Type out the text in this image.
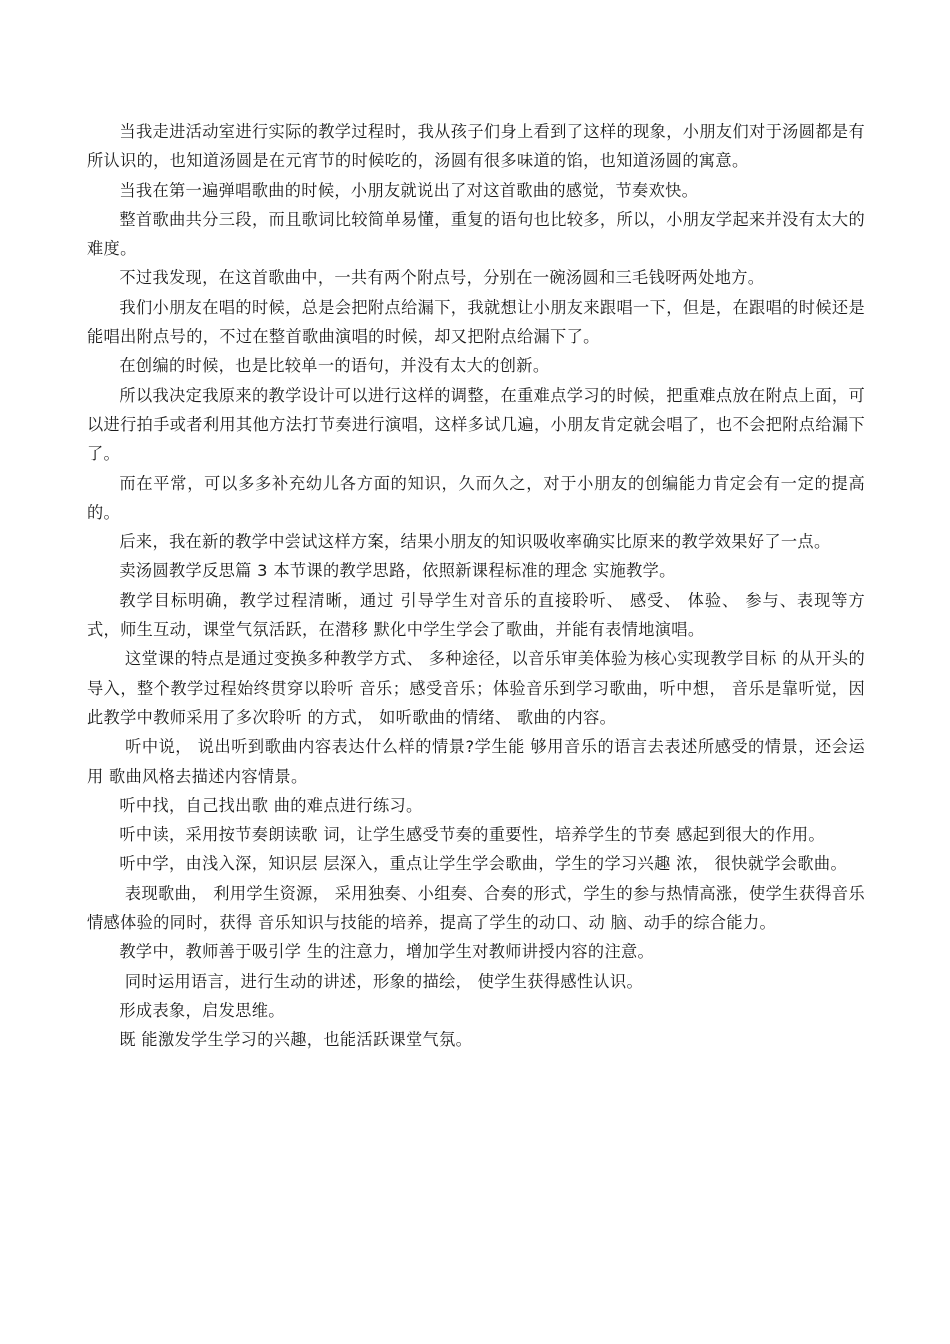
当我走进活动室进行实际的教学过程时，我从孩子们身上看到了这样的现象，小朋友们对于汤圆都是有所认识的，也知道汤圆是在元宵节的时候吃的，汤圆有很多味道的馅，也知道汤圆的寓意。

当我在第一遍弹唱歌曲的时候，小朋友就说出了对这首歌曲的感觉，节奏欢快。

整首歌曲共分三段，而且歌词比较简单易懂，重复的语句也比较多，所以，小朋友学起来并没有太大的难度。

不过我发现，在这首歌曲中，一共有两个附点号，分别在一碗汤圆和三毛钱呀两处地方。

我们小朋友在唱的时候，总是会把附点给漏下，我就想让小朋友来跟唱一下，但是，在跟唱的时候还是能唱出附点号的，不过在整首歌曲演唱的时候，却又把附点给漏下了。

在创编的时候，也是比较单一的语句，并没有太大的创新。

所以我决定我原来的教学设计可以进行这样的调整，在重难点学习的时候，把重难点放在附点上面，可以进行拍手或者利用其他方法打节奏进行演唱，这样多试几遍，小朋友肯定就会唱了，也不会把附点给漏下了。

而在平常，可以多多补充幼儿各方面的知识，久而久之，对于小朋友的创编能力肯定会有一定的提高的。

后来，我在新的教学中尝试这样方案，结果小朋友的知识吸收率确实比原来的教学效果好了一点。

卖汤圆教学反思篇 3 本节课的教学思路，依照新课程标准的理念 实施教学。

教学目标明确，教学过程清晰，通过 引导学生对音乐的直接聆听、 感受、 体验、 参与、表现等方式，师生互动，课堂气氛活跃，在潜移 默化中学生学会了歌曲，并能有表情地演唱。

这堂课的特点是通过变换多种教学方式、 多种途径，以音乐审美体验为核心实现教学目标 的从开头的导入，整个教学过程始终贯穿以聆听 音乐；感受音乐；体验音乐到学习歌曲，听中想， 音乐是靠听觉，因此教学中教师采用了多次聆听 的方式， 如听歌曲的情绪、 歌曲的内容。

听中说， 说出听到歌曲内容表达什么样的情景?学生能 够用音乐的语言去表述所感受的情景，还会运用 歌曲风格去描述内容情景。

听中找，自己找出歌 曲的难点进行练习。

听中读，采用按节奏朗读歌 词，让学生感受节奏的重要性，培养学生的节奏 感起到很大的作用。

听中学，由浅入深，知识层 层深入，重点让学生学会歌曲，学生的学习兴趣 浓， 很快就学会歌曲。

表现歌曲， 利用学生资源， 采用独奏、小组奏、合奏的形式，学生的参与热情高涨，使学生获得音乐情感体验的同时，获得 音乐知识与技能的培养，提高了学生的动口、动 脑、动手的综合能力。

教学中，教师善于吸引学 生的注意力，增加学生对教师讲授内容的注意。

同时运用语言，进行生动的讲述，形象的描绘， 使学生获得感性认识。

形成表象，启发思维。

既 能激发学生学习的兴趣，也能活跃课堂气氛。
